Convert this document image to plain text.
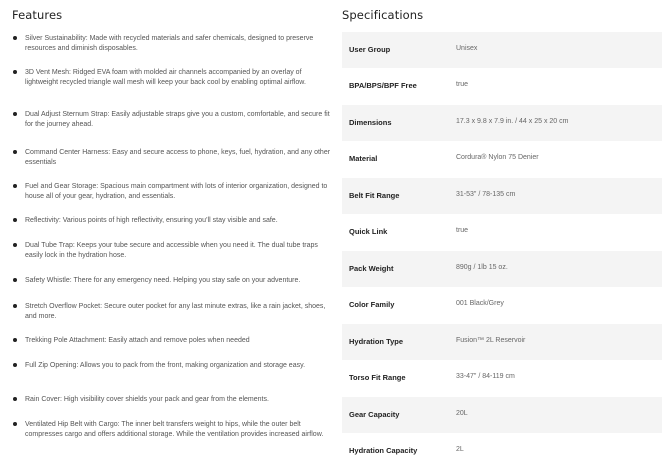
Features
Silver Sustainability: Made with recycled materials and safer chemicals, designed to preserve resources and diminish disposables.
3D Vent Mesh: Ridged EVA foam with molded air channels accompanied by an overlay of lightweight recycled triangle wall mesh will keep your back cool by enabling optimal airflow.
Dual Adjust Sternum Strap: Easily adjustable straps give you a custom, comfortable, and secure fit for the journey ahead.
Command Center Harness: Easy and secure access to phone, keys, fuel, hydration, and any other essentials
Fuel and Gear Storage: Spacious main compartment with lots of interior organization, designed to house all of your gear, hydration, and essentials.
Reflectivity: Various points of high reflectivity, ensuring you’ll stay visible and safe.
Dual Tube Trap: Keeps your tube secure and accessible when you need it. The dual tube traps easily lock in the hydration hose.
Safety Whistle: There for any emergency need. Helping you stay safe on your adventure.
Stretch Overflow Pocket: Secure outer pocket for any last minute extras, like a rain jacket, shoes, and more.
Trekking Pole Attachment: Easily attach and remove poles when needed
Full Zip Opening: Allows you to pack from the front, making organization and storage easy.
Rain Cover: High visibility cover shields your pack and gear from the elements.
Ventilated Hip Belt with Cargo: The inner belt transfers weight to hips, while the outer belt compresses cargo and offers additional storage. While the ventilation provides increased airflow.
Specifications
User Group	Unisex
BPA/BPS/BPF Free	true
Dimensions	17.3 x 9.8 x 7.9 in. / 44 x 25 x 20 cm
Material	Cordura® Nylon 75 Denier
Belt Fit Range	31-53" / 78-135 cm
Quick Link	true
Pack Weight	890g / 1lb 15 oz.
Color Family	001 Black/Grey
Hydration Type	Fusion™ 2L Reservoir
Torso Fit Range	33-47" / 84-119 cm
Gear Capacity	20L
Hydration Capacity	2L
